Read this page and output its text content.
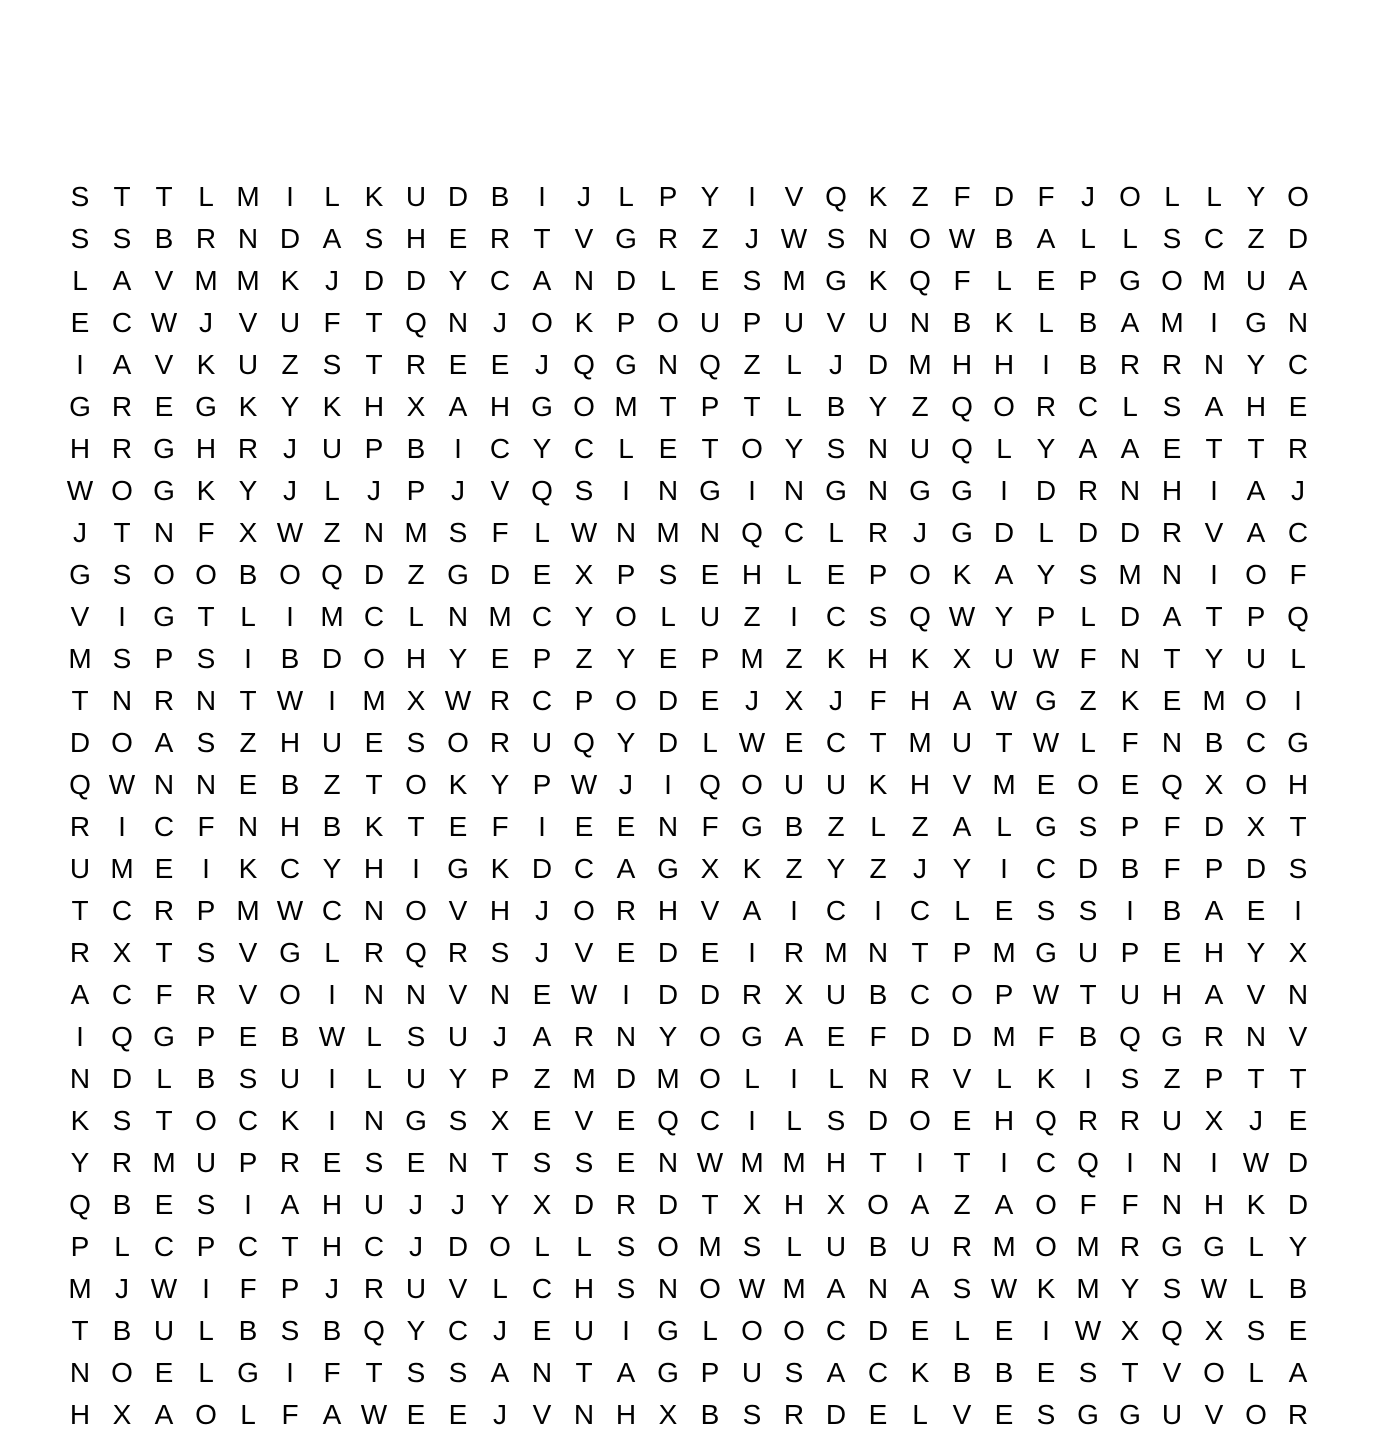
S T T L M I	L K U D B	I	J L P Y	I	V Q K Z F D F J O L L Y O
S S B R N D A S H E R T V G R Z J W S N O W B A L L S C Z D
L A V M M K J D D Y C A N D L E S M G K Q F L E P G O M U A
E C W J V U F T Q N J O K P O U P U V U N B K L B A M I G N
I	A V K U Z S T R E E J Q G N Q Z L J D M H H	I	B R R N Y C
G R E G K Y K H X A H G O M T P T L B Y Z Q O R C L S A H E
H R G H R J U P B	I C Y C L E T O Y S N U Q L Y A A E T T R
W O G K Y J L J P J V Q S	I N G I N G N G G I D R N H	I	A J
J T N F X W Z N M S F L W N M N Q C L R J G D L D D R V A C
G S O O B O Q D Z G D E X P S E H L E P O K A Y S M N	I O F
V	I G T L	I M C L N M C Y O L U Z	I C S Q W Y P L D A T P Q
M S P S	I	B D O H Y E P Z Y E P M Z K H K X U W F N T Y U L
T N R N T W I M X W R C P O D E J X J F H A W G Z K E M O I
D O A S Z H U E S O R U Q Y D L W E C T M U T W L F N B C G
Q W N N E B Z T O K Y P W J	I Q O U U K H V M E O E Q X O H
R	I C F N H B K T E F	I	E E N F G B Z L Z A L G S P F D X T
U M E	I	K C Y H	I G K D C A G X K Z Y Z J Y	I C D B F P D S
T C R P M W C N O V H J O R H V A	I C	I C L E S S	I	B A E	I
R X T S V G L R Q R S J V E D E	I R M N T P M G U P E H Y X
A C F R V O I N N V N E W I D D R X U B C O P W T U H A V N
I Q G P E B W L S U J A R N Y O G A E F D D M F B Q G R N V
N D L B S U	I	L U Y P Z M D M O L	I	L N R V L K	I	S Z P T T
K S T O C K	I N G S X E V E Q C	I	L S D O E H Q R R U X J E
Y R M U P R E S E N T S S E N W M M H T	I	T	I C Q I N	I W D
Q B E S	I	A H U J	J Y X D R D T X H X O A Z A O F F N H K D
P L C P C T H C J D O L L S O M S L U B U R M O M R G G L Y
M J W I	F P J R U V L C H S N O W M A N A S W K M Y S W L B
T B U L B S B Q Y C J E U	I G L O O C D E L E	I W X Q X S E
N O E L G I	F T S S A N T A G P U S A C K B B E S T V O L A
H X A O L F A W E E J V N H X B S R D E L V E S G G U V O R
